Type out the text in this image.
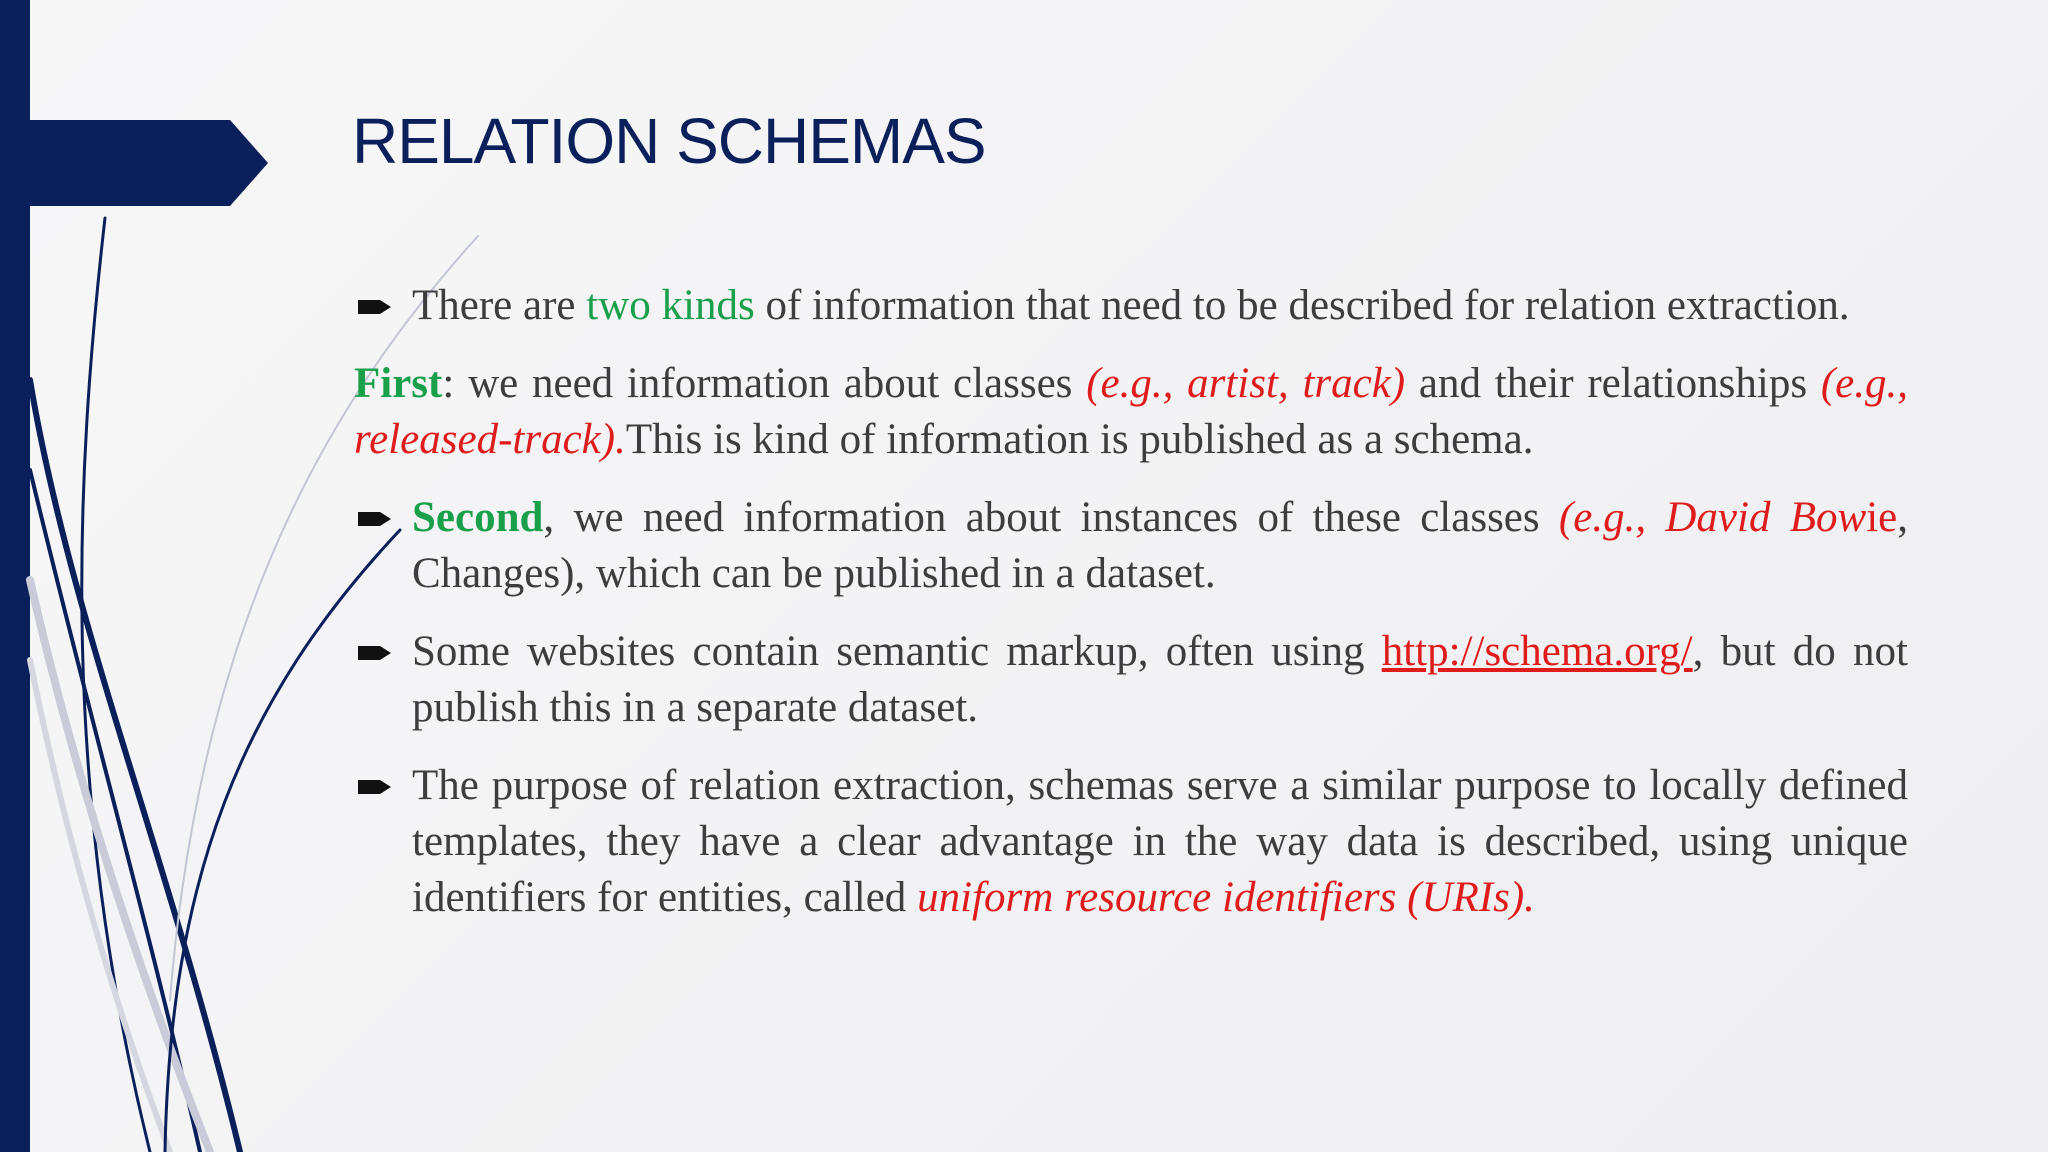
RELATION SCHEMAS

There are two kinds of information that need to be described for relation extraction.

First: we need information about classes (e.g., artist, track) and their relationships (e.g., released-track).This is kind of information is published as a schema.

Second, we need information about instances of these classes (e.g., David Bowie, Changes), which can be published in a dataset.

Some websites contain semantic markup, often using http://schema.org/, but do not publish this in a separate dataset.

The purpose of relation extraction, schemas serve a similar purpose to locally defined templates, they have a clear advantage in the way data is described, using unique identifiers for entities, called uniform resource identifiers (URIs).
